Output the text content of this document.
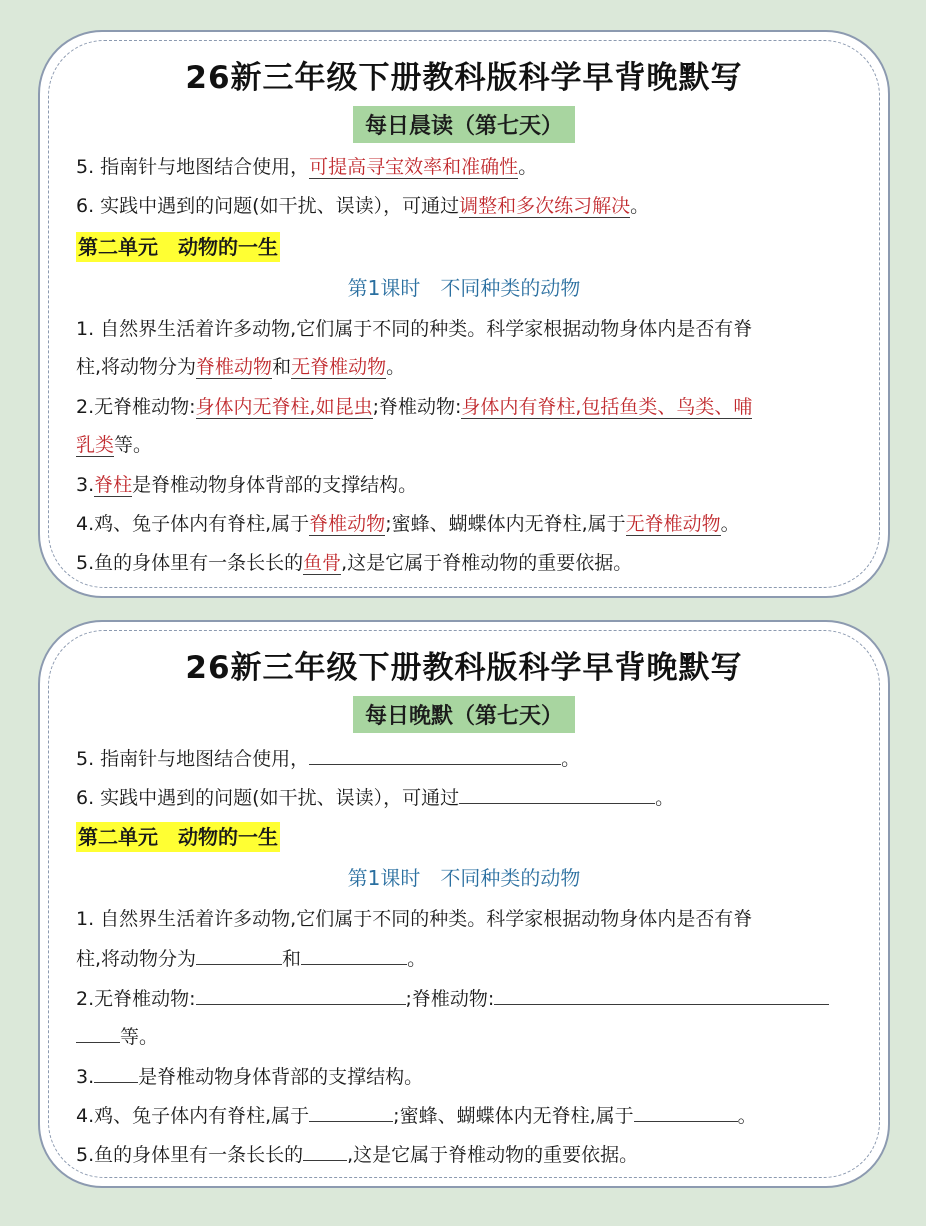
26新三年级下册教科版科学早背晚默写
每日晨读（第七天）
5. 指南针与地图结合使用，可提高寻宝效率和准确性。
6. 实践中遇到的问题(如干扰、误读），可通过调整和多次练习解决。
第二单元　动物的一生
第1课时　不同种类的动物
1. 自然界生活着许多动物,它们属于不同的种类。科学家根据动物身体内是否有脊
柱,将动物分为脊椎动物和无脊椎动物。
2.无脊椎动物:身体内无脊柱,如昆虫;脊椎动物:身体内有脊柱,包括鱼类、鸟类、哺
乳类等。
3.脊柱是脊椎动物身体背部的支撑结构。
4.鸡、兔子体内有脊柱,属于脊椎动物;蜜蜂、蝴蝶体内无脊柱,属于无脊椎动物。
5.鱼的身体里有一条长长的鱼骨,这是它属于脊椎动物的重要依据。
26新三年级下册教科版科学早背晚默写
每日晚默（第七天）
5. 指南针与地图结合使用，	。
6. 实践中遇到的问题(如干扰、误读），可通过	。
第二单元　动物的一生
第1课时　不同种类的动物
1. 自然界生活着许多动物,它们属于不同的种类。科学家根据动物身体内是否有脊
柱,将动物分为	和	。
2.无脊椎动物:	;脊椎动物:
等。
3. 是脊椎动物身体背部的支撑结构。
4.鸡、兔子体内有脊柱,属于	;蜜蜂、蝴蝶体内无脊柱,属于	。
5.鱼的身体里有一条长长的 ,这是它属于脊椎动物的重要依据。
